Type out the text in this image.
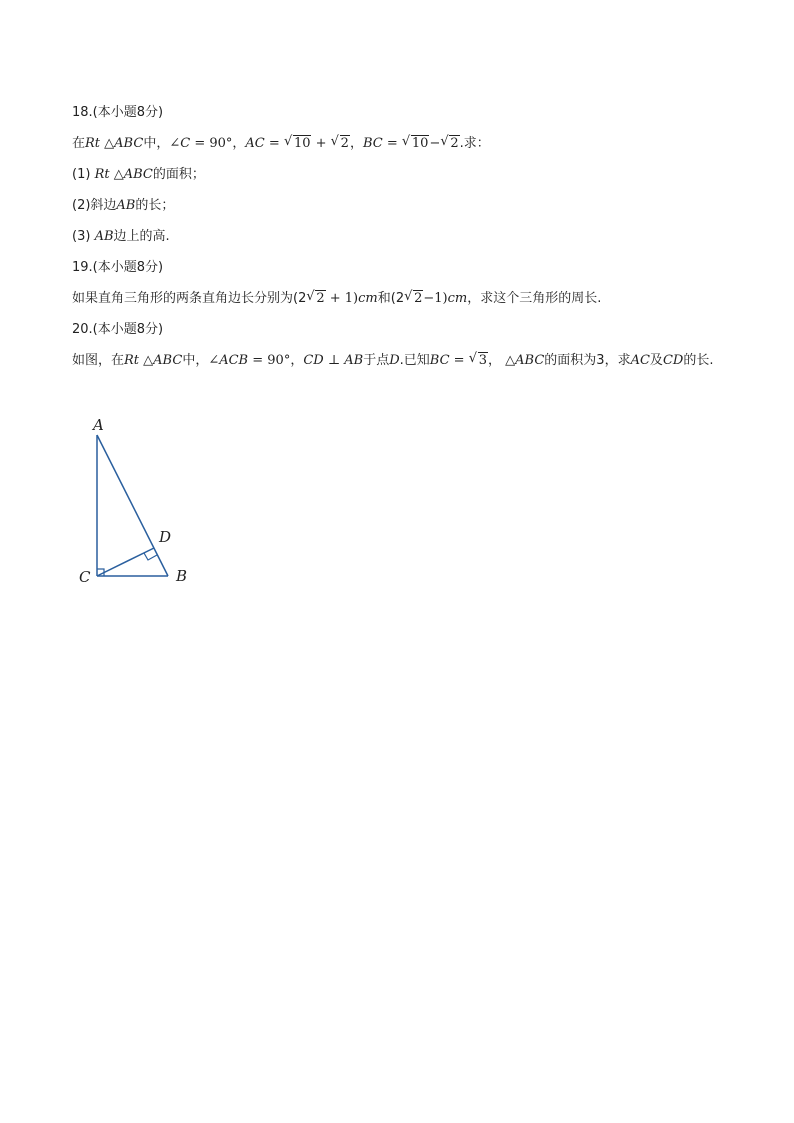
18.(本小题8分)
在Rt △ABC中，∠C = 90°，AC = √ 10 + √ 2，BC = √ 10− √ 2.求：
(1) Rt △ABC的面积；
(2)斜边AB的长；
(3) AB边上的高.
19.(本小题8分)
如果直角三角形的两条直角边长分别为(2 √ 2 + 1)cm和(2 √ 2−1)cm，求这个三角形的周长.
20.(本小题8分)
如图，在Rt △ABC中，∠ACB = 90°，CD ⊥ AB于点D.已知BC = √ 3， △ABC的面积为3，求AC及CD的长.
A
B
C
D
